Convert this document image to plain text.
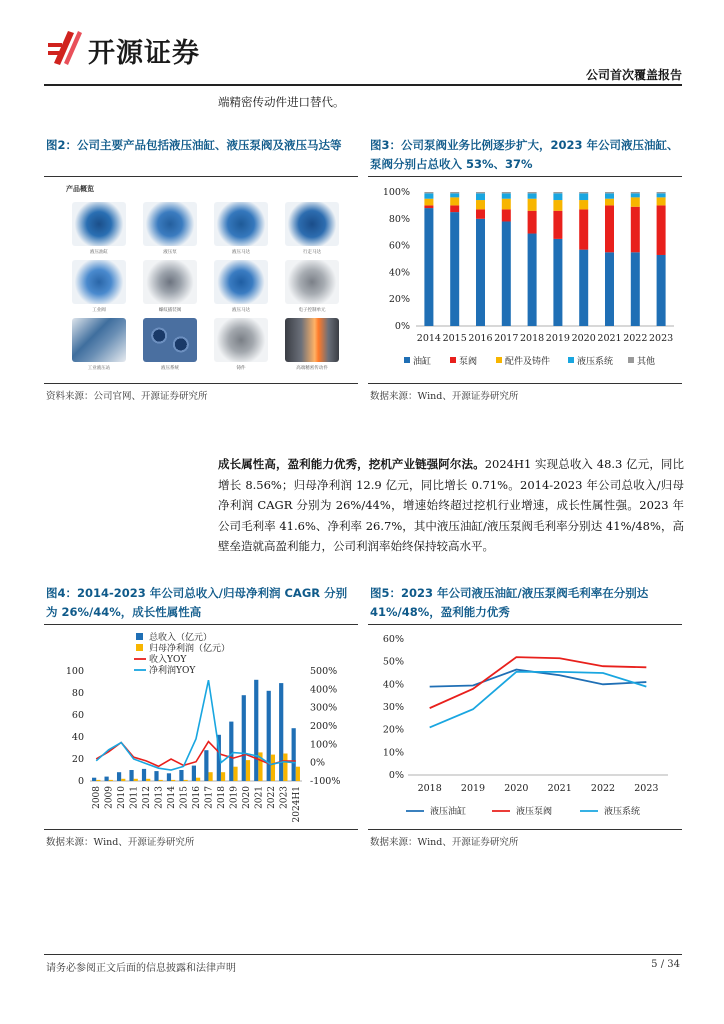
开源证券
公司首次覆盖报告
端精密传动件进口替代。
图2：公司主要产品包括液压油缸、液压泵阀及液压马达等
产品概览
液压油缸	液压泵	液压马达	行走马达
工业阀	螺纹插装阀	液压马达	电子控制单元
工业液压站	液压系统	铸件	高端精密传动件
资料来源：公司官网、开源证券研究所
图3：公司泵阀业务比例逐步扩大，2023 年公司液压油缸、泵阀分别占总收入 53%、37%
0%
20%
40%
60%
80%
100%
2014 2015 2016 2017 2018 2019 2020 2021 2022 2023
油缸	泵阀	配件及铸件	液压系统	其他
数据来源：Wind、开源证券研究所
成长属性高，盈利能力优秀，挖机产业链强阿尔法。2024H1 实现总收入 48.3 亿元，同比增长 8.56%；归母净利润 12.9 亿元，同比增长 0.71%。2014-2023 年公司总收入/归母净利润 CAGR 分别为 26%/44%，增速始终超过挖机行业增速，成长性属性强。2023 年公司毛利率 41.6%、净利率 26.7%，其中液压油缸/液压泵阀毛利率分别达 41%/48%，高壁垒造就高盈利能力，公司利润率始终保持较高水平。
图4：2014-2023 年公司总收入/归母净利润 CAGR 分别为 26%/44%，成长性属性高
0
20
40
60
80
100
-100%
0%
100%
200%
300%
400%
500%
2008 2009 2010 2011 2012 2013 2014 2015 2016 2017 2018 2019 2020 2021 2022 2023 2024H1
总收入（亿元）
归母净利润（亿元）
收入YOY
净利润YOY
数据来源：Wind、开源证券研究所
图5：2023 年公司液压油缸/液压泵阀毛利率在分别达 41%/48%，盈利能力优秀
0%
10%
20%
30%
40%
50%
60%
2018 2019 2020 2021 2022 2023
液压油缸	液压泵阀	液压系统
数据来源：Wind、开源证券研究所
请务必参阅正文后面的信息披露和法律声明	5 / 34
